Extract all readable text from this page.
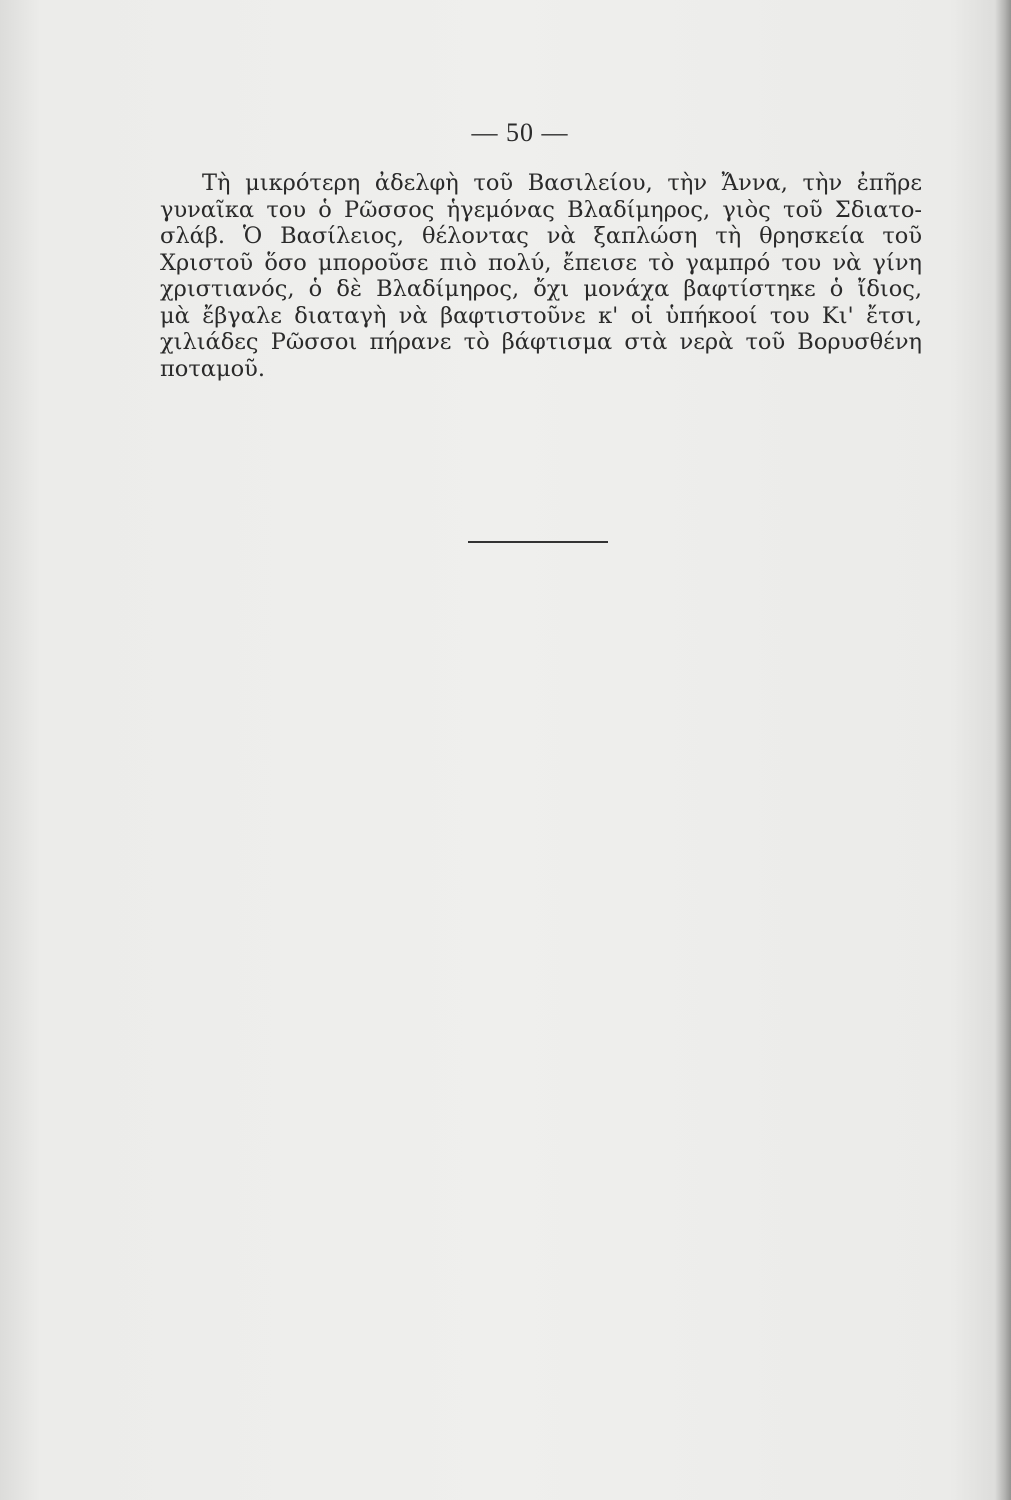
— 50 —
Τὴ μικρότερη ἀδελφὴ τοῦ Βασιλείου, τὴν Ἄννα, τὴν ἐπῆρε
γυναῖκα του ὁ Ρῶσσος ἡγεμόνας Βλαδίμηρος, γιὸς τοῦ Σδιατο-
σλάβ. Ὁ Βασίλειος, θέλοντας νὰ ξαπλώση τὴ θρησκεία τοῦ
Χριστοῦ ὅσο μποροῦσε πιὸ πολύ, ἔπεισε τὸ γαμπρό του νὰ γίνη
χριστιανός, ὁ δὲ Βλαδίμηρος, ὄχι μονάχα βαφτίστηκε ὁ ἴδιος,
μὰ ἔβγαλε διαταγὴ νὰ βαφτιστοῦνε κ' οἱ ὑπήκοοί του Κι' ἔτσι,
χιλιάδες Ρῶσσοι πήρανε τὸ βάφτισμα στὰ νερὰ τοῦ Βορυσθένη
ποταμοῦ.
